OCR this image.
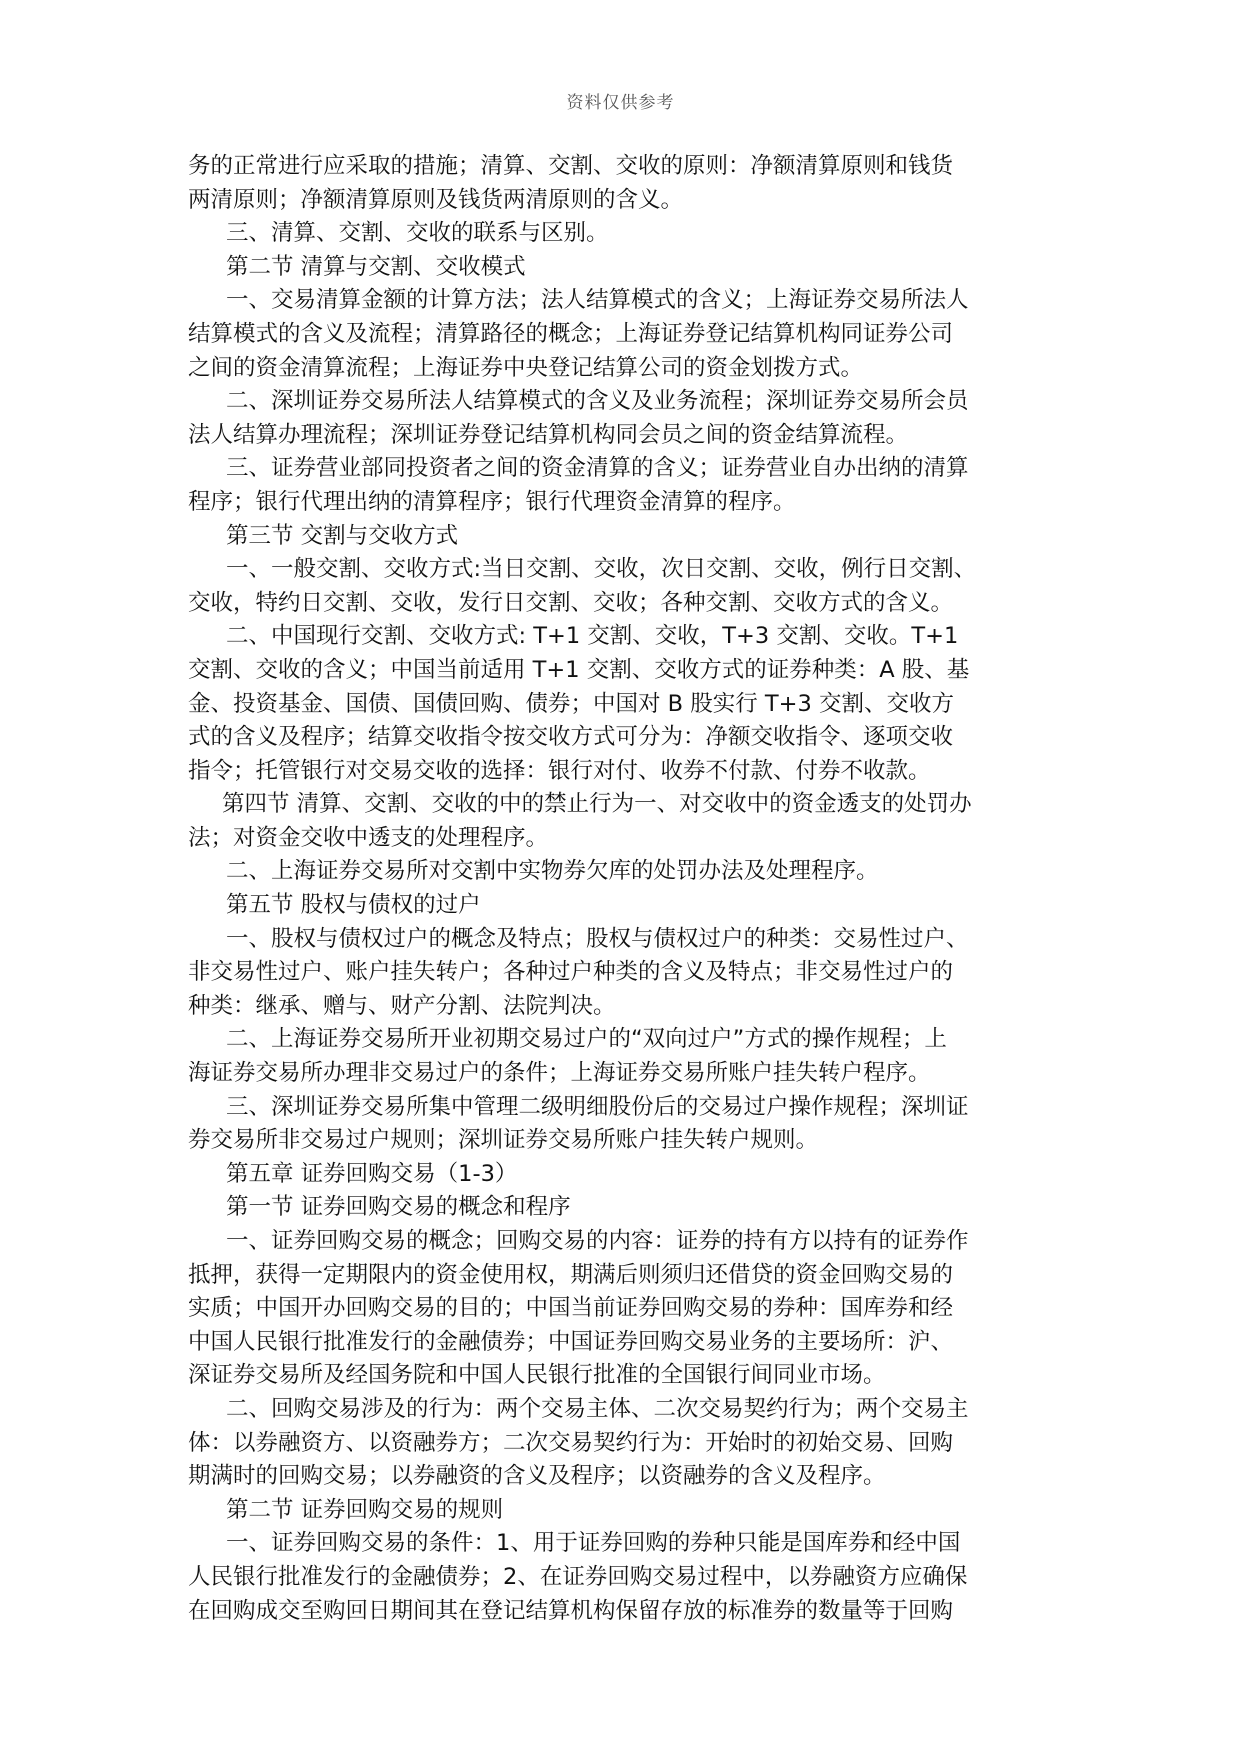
资料仅供参考
务的正常进行应采取的措施；清算、交割、交收的原则：净额清算原则和钱货
两清原则；净额清算原则及钱货两清原则的含义。
三、清算、交割、交收的联系与区别。
第二节 清算与交割、交收模式
一、交易清算金额的计算方法；法人结算模式的含义；上海证券交易所法人
结算模式的含义及流程；清算路径的概念；上海证券登记结算机构同证券公司
之间的资金清算流程；上海证券中央登记结算公司的资金划拨方式。
二、深圳证券交易所法人结算模式的含义及业务流程；深圳证券交易所会员
法人结算办理流程；深圳证券登记结算机构同会员之间的资金结算流程。
三、证券营业部同投资者之间的资金清算的含义；证券营业自办出纳的清算
程序；银行代理出纳的清算程序；银行代理资金清算的程序。
第三节 交割与交收方式
一、一般交割、交收方式:当日交割、交收，次日交割、交收，例行日交割、
交收，特约日交割、交收，发行日交割、交收；各种交割、交收方式的含义。
二、中国现行交割、交收方式: T+1 交割、交收，T+3 交割、交收。T+1
交割、交收的含义；中国当前适用 T+1 交割、交收方式的证券种类：A 股、基
金、投资基金、国债、国债回购、债券；中国对 B 股实行 T+3 交割、交收方
式的含义及程序；结算交收指令按交收方式可分为：净额交收指令、逐项交收
指令；托管银行对交易交收的选择：银行对付、收券不付款、付券不收款。
第四节 清算、交割、交收的中的禁止行为一、对交收中的资金透支的处罚办
法；对资金交收中透支的处理程序。
二、上海证券交易所对交割中实物券欠库的处罚办法及处理程序。
第五节 股权与债权的过户
一、股权与债权过户的概念及特点；股权与债权过户的种类：交易性过户、
非交易性过户、账户挂失转户；各种过户种类的含义及特点；非交易性过户的
种类：继承、赠与、财产分割、法院判决。
二、上海证券交易所开业初期交易过户的“双向过户”方式的操作规程；上
海证券交易所办理非交易过户的条件；上海证券交易所账户挂失转户程序。
三、深圳证券交易所集中管理二级明细股份后的交易过户操作规程；深圳证
券交易所非交易过户规则；深圳证券交易所账户挂失转户规则。
第五章 证券回购交易（1-3）
第一节 证券回购交易的概念和程序
一、证券回购交易的概念；回购交易的内容：证券的持有方以持有的证券作
抵押，获得一定期限内的资金使用权，期满后则须归还借贷的资金回购交易的
实质；中国开办回购交易的目的；中国当前证券回购交易的券种：国库券和经
中国人民银行批准发行的金融债券；中国证券回购交易业务的主要场所：沪、
深证券交易所及经国务院和中国人民银行批准的全国银行间同业市场。
二、回购交易涉及的行为：两个交易主体、二次交易契约行为；两个交易主
体：以券融资方、以资融券方；二次交易契约行为：开始时的初始交易、回购
期满时的回购交易；以券融资的含义及程序；以资融券的含义及程序。
第二节 证券回购交易的规则
一、证券回购交易的条件：1、用于证券回购的券种只能是国库券和经中国
人民银行批准发行的金融债券；2、在证券回购交易过程中，以券融资方应确保
在回购成交至购回日期间其在登记结算机构保留存放的标准券的数量等于回购
